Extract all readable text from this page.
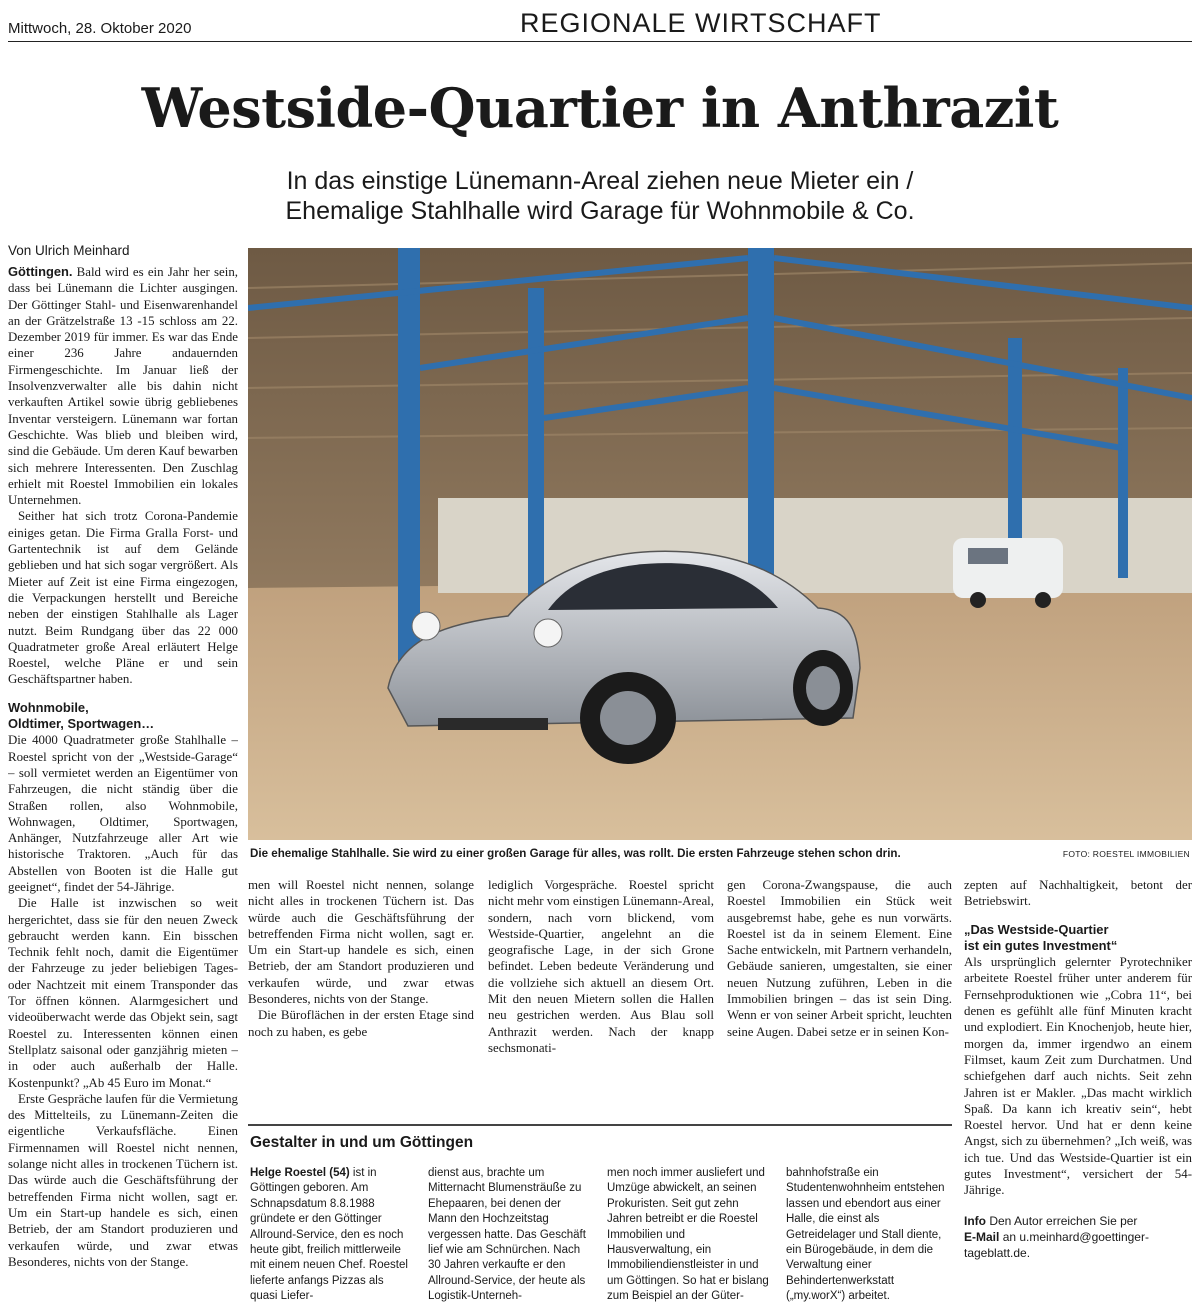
Mittwoch, 28. Oktober 2020	REGIONALE WIRTSCHAFT
Westside-Quartier in Anthrazit
In das einstige Lünemann-Areal ziehen neue Mieter ein /
Ehemalige Stahlhalle wird Garage für Wohnmobile & Co.
Von Ulrich Meinhard

Göttingen. Bald wird es ein Jahr her sein, dass bei Lünemann die Lichter ausgingen. Der Göttinger Stahl- und Eisenwarenhandel an der Grätzelstraße 13 -15 schloss am 22. Dezember 2019 für immer. Es war das Ende einer 236 Jahre andauernden Firmengeschichte. Im Januar ließ der Insolvenzverwalter alle bis dahin nicht verkauften Artikel sowie übrig gebliebenes Inventar versteigern. Lünemann war fortan Geschichte. Was blieb und bleiben wird, sind die Gebäude. Um deren Kauf bewarben sich mehrere Interessenten. Den Zuschlag erhielt mit Roestel Immobilien ein lokales Unternehmen.

Seither hat sich trotz Corona-Pandemie einiges getan. Die Firma Gralla Forst- und Gartentechnik ist auf dem Gelände geblieben und hat sich sogar vergrößert. Als Mieter auf Zeit ist eine Firma eingezogen, die Verpackungen herstellt und Bereiche neben der einstigen Stahlhalle als Lager nutzt. Beim Rundgang über das 22 000 Quadratmeter große Areal erläutert Helge Roestel, welche Pläne er und sein Geschäftspartner haben.

Wohnmobile,
Oldtimer, Sportwagen…

Die 4000 Quadratmeter große Stahlhalle – Roestel spricht von der „Westside-Garage“ – soll vermietet werden an Eigentümer von Fahrzeugen, die nicht ständig über die Straßen rollen, also Wohnmobile, Wohnwagen, Oldtimer, Sportwagen, Anhänger, Nutzfahrzeuge aller Art wie historische Traktoren. „Auch für das Abstellen von Booten ist die Halle gut geeignet“, findet der 54-Jährige.

Die Halle ist inzwischen so weit hergerichtet, dass sie für den neuen Zweck gebraucht werden kann. Ein bisschen Technik fehlt noch, damit die Eigentümer der Fahrzeuge zu jeder beliebigen Tages- oder Nachtzeit mit einem Transponder das Tor öffnen können. Alarmgesichert und videoüberwacht werde das Objekt sein, sagt Roestel zu. Interessenten können einen Stellplatz saisonal oder ganzjährig mieten – in oder auch außerhalb der Halle. Kostenpunkt? „Ab 45 Euro im Monat.“

Erste Gespräche laufen für die Vermietung des Mittelteils, zu Lünemann-Zeiten die eigentliche Verkaufsfläche. Einen Firmennamen will Roestel nicht nennen, solange nicht alles in trockenen Tüchern ist. Das würde auch die Geschäftsführung der betreffenden Firma nicht wollen, sagt er. Um ein Start-up handele es sich, einen Betrieb, der am Standort produzieren und verkaufen würde, und zwar etwas Besonderes, nichts von der Stange.

Die ehemalige Stahlhalle. Sie wird zu einer großen Garage für alles, was rollt. Die ersten Fahrzeuge stehen schon drin.	FOTO: ROESTEL IMMOBILIEN

men will Roestel nicht nennen, solange nicht alles in trockenen Tüchern ist. Das würde auch die Geschäftsführung der betreffenden Firma nicht wollen, sagt er. Um ein Start-up handele es sich, einen Betrieb, der am Standort produzieren und verkaufen würde, und zwar etwas Besonderes, nichts von der Stange.

Die Büroflächen in der ersten Etage sind noch zu haben, es gebe

lediglich Vorgespräche. Roestel spricht nicht mehr vom einstigen Lünemann-Areal, sondern, nach vorn blickend, vom Westside-Quartier, angelehnt an die geografische Lage, in der sich Grone befindet. Leben bedeute Veränderung und die vollziehe sich aktuell an diesem Ort. Mit den neuen Mietern sollen die Hallen neu gestrichen werden. Aus Blau soll Anthrazit werden. Nach der knapp sechsmonati-

gen Corona-Zwangspause, die auch Roestel Immobilien ein Stück weit ausgebremst habe, gehe es nun vorwärts. Roestel ist da in seinem Element. Eine Sache entwickeln, mit Partnern verhandeln, Gebäude sanieren, umgestalten, sie einer neuen Nutzung zuführen, Leben in die Immobilien bringen – das ist sein Ding. Wenn er von seiner Arbeit spricht, leuchten seine Augen. Dabei setze er in seinen Kon-

zepten auf Nachhaltigkeit, betont der Betriebswirt.

„Das Westside-Quartier
ist ein gutes Investment“

Als ursprünglich gelernter Pyrotechniker arbeitete Roestel früher unter anderem für Fernsehproduktionen wie „Cobra 11“, bei denen es gefühlt alle fünf Minuten kracht und explodiert. Ein Knochenjob, heute hier, morgen da, immer irgendwo an einem Filmset, kaum Zeit zum Durchatmen. Und schiefgehen darf auch nichts. Seit zehn Jahren ist er Makler. „Das macht wirklich Spaß. Da kann ich kreativ sein“, hebt Roestel hervor. Und hat er denn keine Angst, sich zu übernehmen? „Ich weiß, was ich tue. Und das Westside-Quartier ist ein gutes Investment“, versichert der 54-Jährige.

Info Den Autor erreichen Sie per
E-Mail an u.meinhard@goettinger-tageblatt.de.

Gestalter in und um Göttingen
Helge Roestel (54) ist in Göttingen geboren. Am Schnapsdatum 8.8.1988 gründete er den Göttinger Allround-Service, den es noch heute gibt, freilich mittlerweile mit einem neuen Chef. Roestel lieferte anfangs Pizzas als quasi Liefer-
dienst aus, brachte um Mitternacht Blumensträuße zu Ehepaaren, bei denen der Mann den Hochzeitstag vergessen hatte. Das Geschäft lief wie am Schnürchen. Nach 30 Jahren verkaufte er den Allround-Service, der heute als Logistik-Unterneh-
men noch immer ausliefert und Umzüge abwickelt, an seinen Prokuristen. Seit gut zehn Jahren betreibt er die Roestel Immobilien und Hausverwaltung, ein Immobiliendienstleister in und um Göttingen. So hat er bislang zum Beispiel an der Güter-
bahnhofstraße ein Studentenwohnheim entstehen lassen und ebendort aus einer Halle, die einst als Getreidelager und Stall diente, ein Bürogebäude, in dem die Verwaltung einer Behindertenwerkstatt („my.worX“) arbeitet.
